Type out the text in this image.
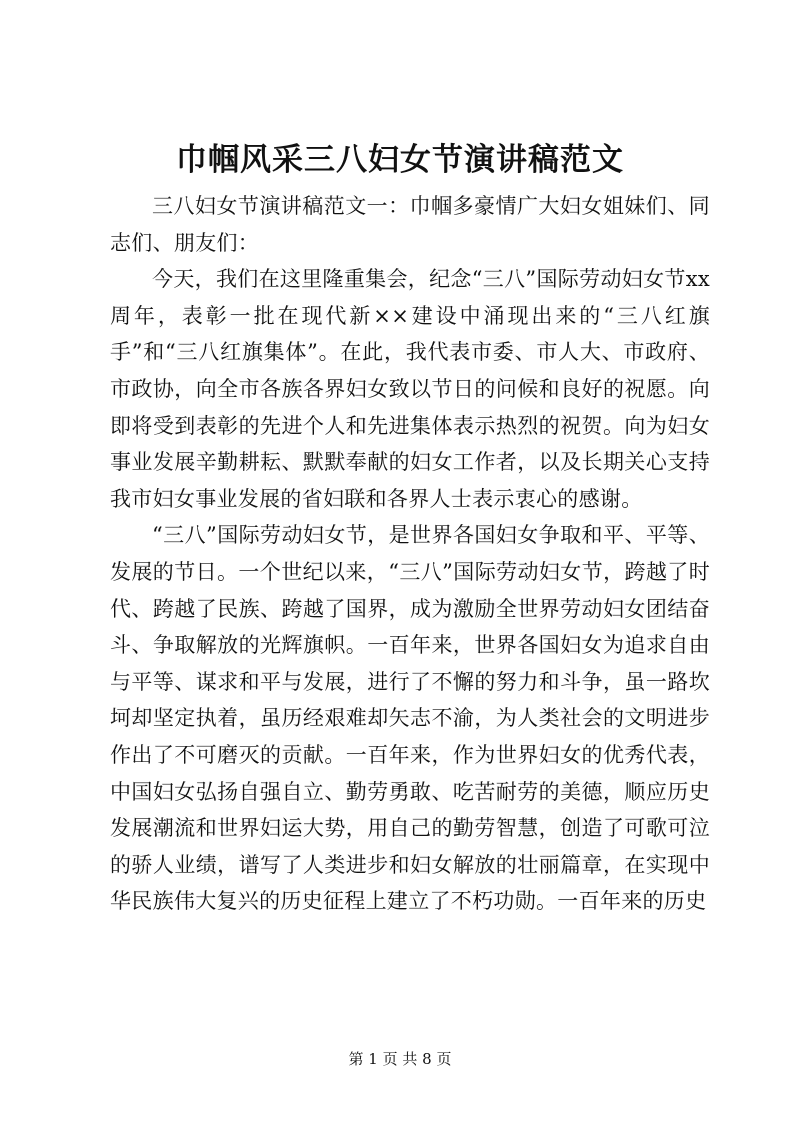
巾帼风采三八妇女节演讲稿范文

三八妇女节演讲稿范文一：巾帼多豪情广大妇女姐妹们、同志们、朋友们：

今天，我们在这里隆重集会，纪念“三八”国际劳动妇女节xx周年，表彰一批在现代新××建设中涌现出来的“三八红旗手”和“三八红旗集体”。在此，我代表市委、市人大、市政府、市政协，向全市各族各界妇女致以节日的问候和良好的祝愿。向即将受到表彰的先进个人和先进集体表示热烈的祝贺。向为妇女事业发展辛勤耕耘、默默奉献的妇女工作者，以及长期关心支持我市妇女事业发展的省妇联和各界人士表示衷心的感谢。

“三八”国际劳动妇女节，是世界各国妇女争取和平、平等、发展的节日。一个世纪以来，“三八”国际劳动妇女节，跨越了时代、跨越了民族、跨越了国界，成为激励全世界劳动妇女团结奋斗、争取解放的光辉旗帜。一百年来，世界各国妇女为追求自由与平等、谋求和平与发展，进行了不懈的努力和斗争，虽一路坎坷却坚定执着，虽历经艰难却矢志不渝，为人类社会的文明进步作出了不可磨灭的贡献。一百年来，作为世界妇女的优秀代表，中国妇女弘扬自强自立、勤劳勇敢、吃苦耐劳的美德，顺应历史发展潮流和世界妇运大势，用自己的勤劳智慧，创造了可歌可泣的骄人业绩，谱写了人类进步和妇女解放的壮丽篇章，在实现中华民族伟大复兴的历史征程上建立了不朽功勋。一百年来的历史

第 1 页 共 8 页
